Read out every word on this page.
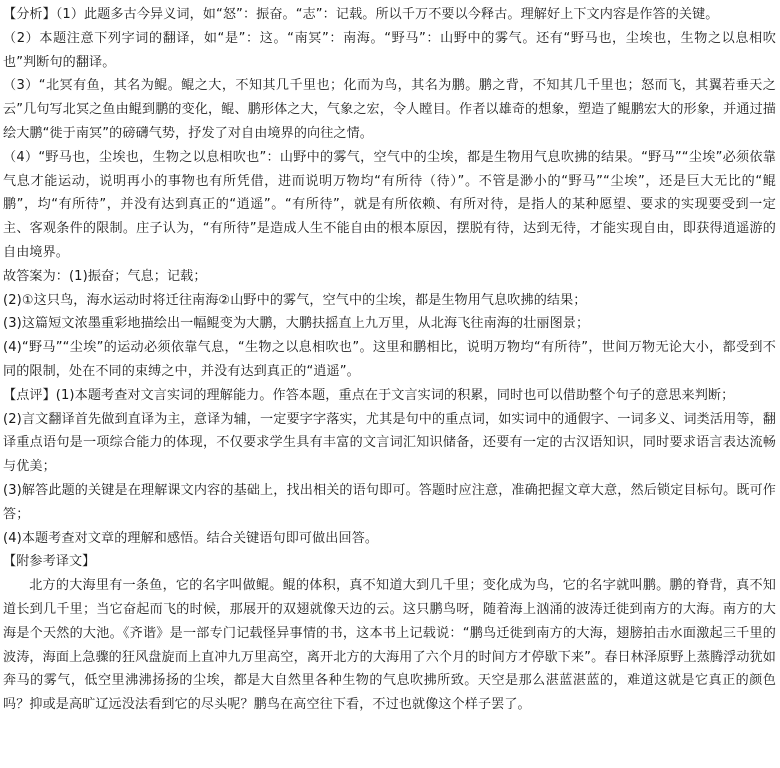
【分析】（1）此题多古今异义词，如“怒”：振奋。“志”：记载。所以千万不要以今释古。理解好上下文内容是作答的关键。

（2）本题注意下列字词的翻译，如“是”：这。“南冥”：南海。“野马”：山野中的雾气。还有“野马也，尘埃也，生物之以息相吹也”判断句的翻译。

（3）“北冥有鱼，其名为鲲。鲲之大，不知其几千里也；化而为鸟，其名为鹏。鹏之背，不知其几千里也；怒而飞，其翼若垂天之云”几句写北冥之鱼由鲲到鹏的变化，鲲、鹏形体之大，气象之宏，令人瞠目。作者以雄奇的想象，塑造了鲲鹏宏大的形象，并通过描绘大鹏“徙于南冥”的磅礴气势，抒发了对自由境界的向往之情。

（4）“野马也，尘埃也，生物之以息相吹也”：山野中的雾气，空气中的尘埃，都是生物用气息吹拂的结果。“野马”“尘埃”必须依靠气息才能运动，说明再小的事物也有所凭借，进而说明万物均“有所待（待）”。不管是渺小的“野马”“尘埃”，还是巨大无比的“鲲鹏”，均“有所待”，并没有达到真正的“逍遥”。“有所待”，就是有所依赖、有所对待，是指人的某种愿望、要求的实现要受到一定主、客观条件的限制。庄子认为，“有所待”是造成人生不能自由的根本原因，摆脱有待，达到无待，才能实现自由，即获得逍遥游的自由境界。

故答案为：(1)振奋；气息；记载；

(2)①这只鸟，海水运动时将迁往南海②山野中的雾气，空气中的尘埃，都是生物用气息吹拂的结果；

(3)这篇短文浓墨重彩地描绘出一幅鲲变为大鹏，大鹏扶摇直上九万里，从北海飞往南海的壮丽图景；

(4)“野马”“尘埃”的运动必须依靠气息，“生物之以息相吹也”。这里和鹏相比，说明万物均“有所待”，世间万物无论大小，都受到不同的限制，处在不同的束缚之中，并没有达到真正的“逍遥”。

【点评】(1)本题考查对文言实词的理解能力。作答本题，重点在于文言实词的积累，同时也可以借助整个句子的意思来判断；

(2)言文翻译首先做到直译为主，意译为辅，一定要字字落实，尤其是句中的重点词，如实词中的通假字、一词多义、词类活用等，翻译重点语句是一项综合能力的体现，不仅要求学生具有丰富的文言词汇知识储备，还要有一定的古汉语知识，同时要求语言表达流畅与优美；

(3)解答此题的关键是在理解课文内容的基础上，找出相关的语句即可。答题时应注意，准确把握文章大意，然后锁定目标句。既可作答；

(4)本题考查对文章的理解和感悟。结合关键语句即可做出回答。

【附参考译文】

北方的大海里有一条鱼，它的名字叫做鲲。鲲的体积，真不知道大到几千里；变化成为鸟，它的名字就叫鹏。鹏的脊背，真不知道长到几千里；当它奋起而飞的时候，那展开的双翅就像天边的云。这只鹏鸟呀，随着海上汹涌的波涛迁徙到南方的大海。南方的大海是个天然的大池。《齐谐》是一部专门记载怪异事情的书，这本书上记载说：“鹏鸟迁徙到南方的大海，翅膀拍击水面激起三千里的波涛，海面上急骤的狂风盘旋而上直冲九万里高空，离开北方的大海用了六个月的时间方才停歇下来”。春日林泽原野上蒸腾浮动犹如奔马的雾气，低空里沸沸扬扬的尘埃，都是大自然里各种生物的气息吹拂所致。天空是那么湛蓝湛蓝的，难道这就是它真正的颜色吗？抑或是高旷辽远没法看到它的尽头呢？鹏鸟在高空往下看，不过也就像这个样子罢了。
